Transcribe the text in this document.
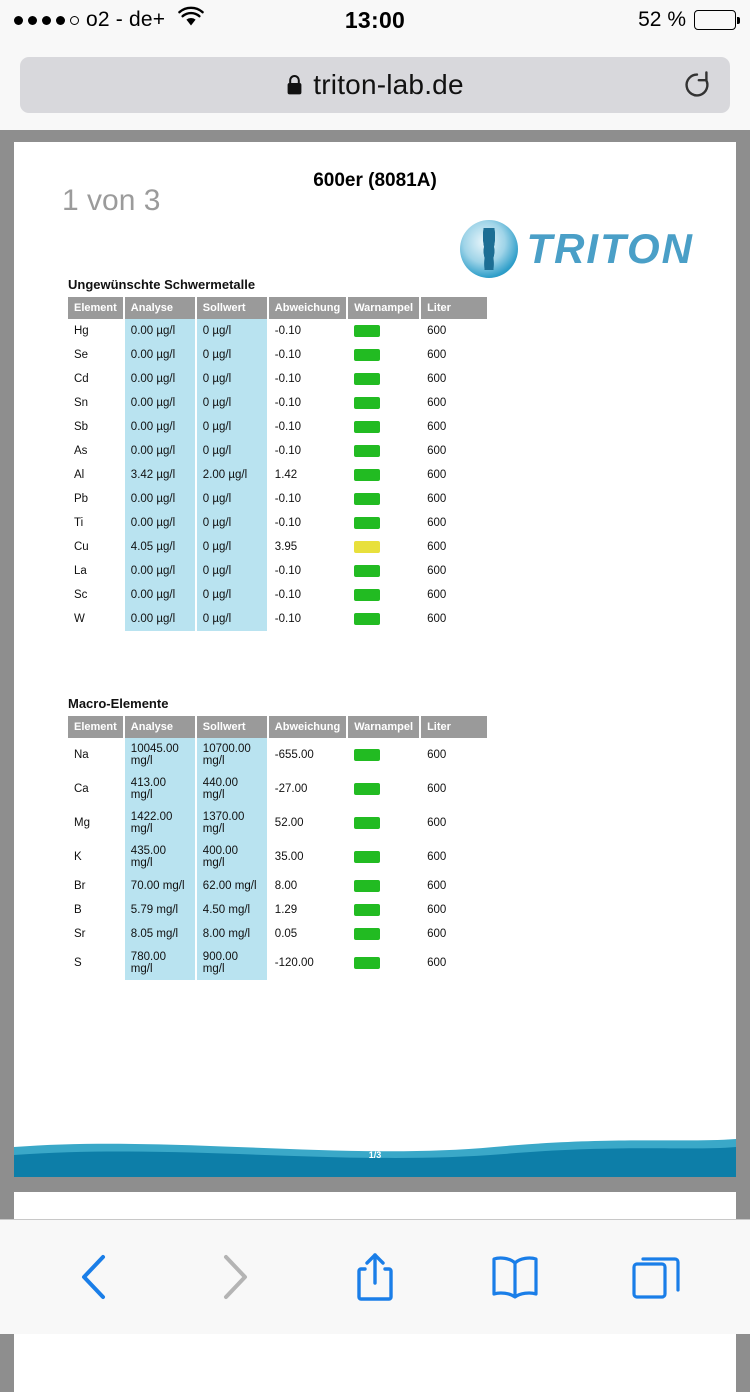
o2 - de+	13:00	52 %
triton-lab.de
1 von 3
600er (8081A)
TRITON
Ungewünschte Schwermetalle
Element	Analyse	Sollwert	Abweichung	Warnampel	Liter
Hg	0.00 µg/l	0 µg/l	-0.10		600
Se	0.00 µg/l	0 µg/l	-0.10		600
Cd	0.00 µg/l	0 µg/l	-0.10		600
Sn	0.00 µg/l	0 µg/l	-0.10		600
Sb	0.00 µg/l	0 µg/l	-0.10		600
As	0.00 µg/l	0 µg/l	-0.10		600
Al	3.42 µg/l	2.00 µg/l	1.42		600
Pb	0.00 µg/l	0 µg/l	-0.10		600
Ti	0.00 µg/l	0 µg/l	-0.10		600
Cu	4.05 µg/l	0 µg/l	3.95		600
La	0.00 µg/l	0 µg/l	-0.10		600
Sc	0.00 µg/l	0 µg/l	-0.10		600
W	0.00 µg/l	0 µg/l	-0.10		600
Macro-Elemente
Element	Analyse	Sollwert	Abweichung	Warnampel	Liter
Na	10045.00 mg/l	10700.00 mg/l	-655.00		600
Ca	413.00 mg/l	440.00 mg/l	-27.00		600
Mg	1422.00 mg/l	1370.00 mg/l	52.00		600
K	435.00 mg/l	400.00 mg/l	35.00		600
Br	70.00 mg/l	62.00 mg/l	8.00		600
B	5.79 mg/l	4.50 mg/l	1.29		600
Sr	8.05 mg/l	8.00 mg/l	0.05		600
S	780.00 mg/l	900.00 mg/l	-120.00		600
www.triton-lab.de
1/3
